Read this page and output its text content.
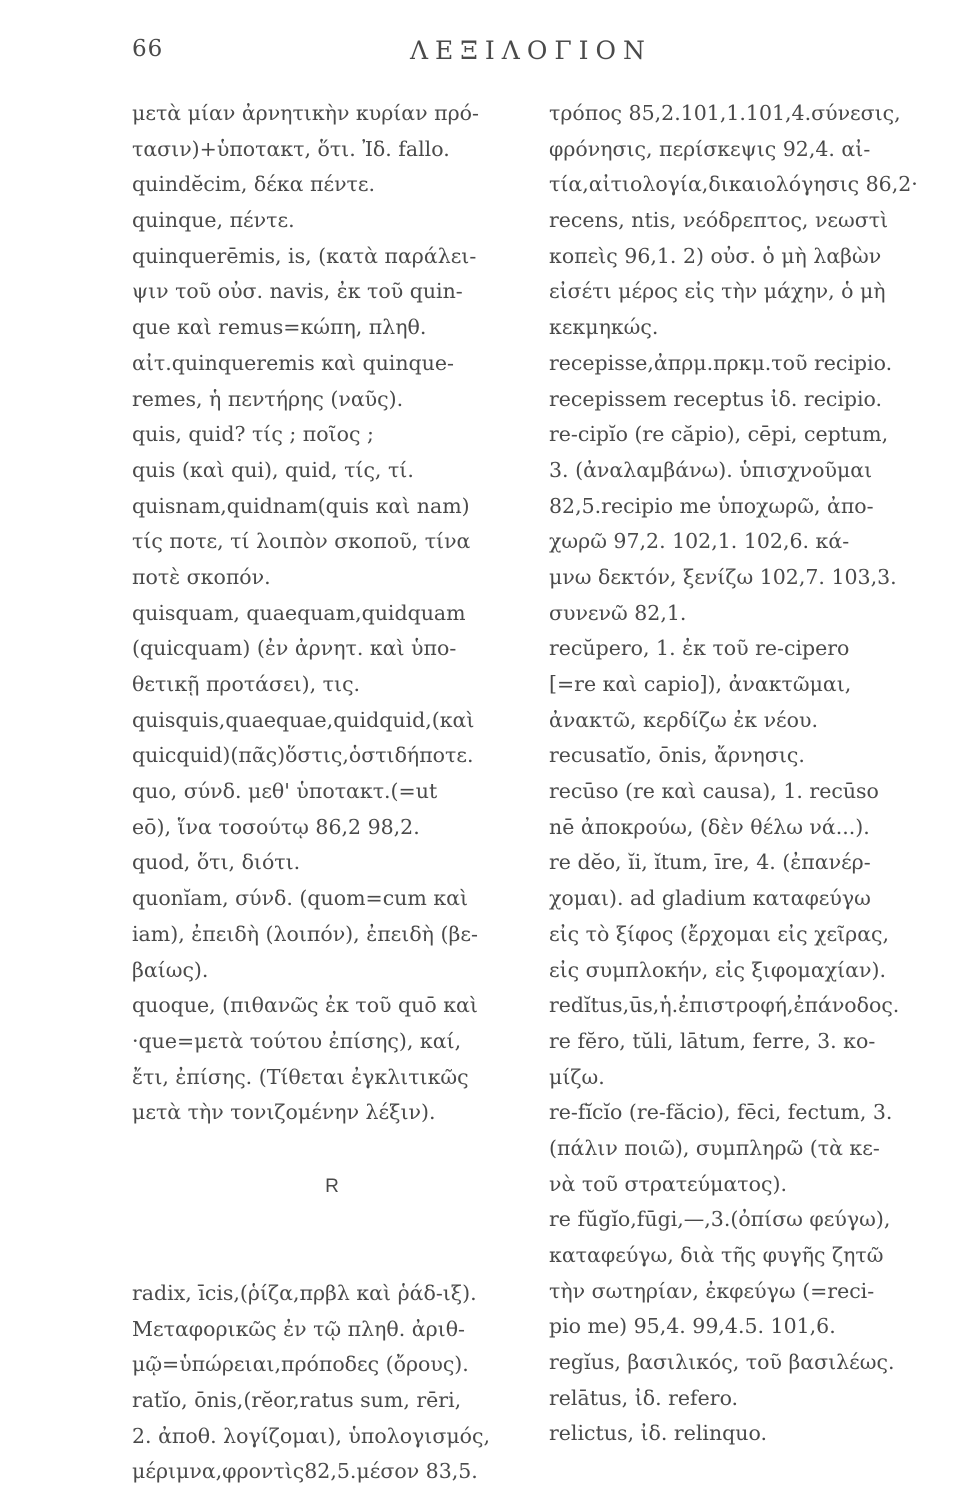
66	ΛΕΞΙΛΟΓΙΟΝ
μετὰ μίαν ἀρνητικὴν κυρίαν πρό-
τασιν)+ὑποτακτ, ὅτι. Ἰδ. fallo.
quindĕcim, δέκα πέντε.
quinque, πέντε.
quinquerēmis, is, (κατὰ παράλει-
ψιν τοῦ οὐσ. navis, ἐκ τοῦ quin-
que καὶ remus=κώπη, πληθ.
αἰτ.quinqueremis καὶ quinque-
remes, ἡ πεντήρης (ναῦς).
quis, quid? τίς ; ποῖος ;
quis (καὶ qui), quid, τίς, τί.
quisnam,quidnam(quis καὶ nam)
τίς ποτε, τί λοιπὸν σκοποῦ, τίνα
ποτὲ σκοπόν.
quisquam, quaequam,quidquam
(quicquam) (ἐν ἀρνητ. καὶ ὑπο-
θετικῇ προτάσει), τις.
quisquis,quaequae,quidquid,(καὶ
quicquid)(πᾶς)ὅστις,ὁστιδήποτε.
quo, σύνδ. μεθ' ὑποτακτ.(=ut
eō), ἵνα τοσούτῳ 86,2 98,2.
quod, ὅτι, διότι.
quonĭam, σύνδ. (quom=cum καὶ
iam), ἐπειδὴ (λοιπόν), ἐπειδὴ (βε-
βαίως).
quoque, (πιθανῶς ἐκ τοῦ quō καὶ
·que=μετὰ τούτου ἐπίσης), καί,
ἔτι, ἐπίσης. (Τίθεται ἐγκλιτικῶς
μετὰ τὴν τονιζομένην λέξιν).
R
radix, īcis,(ῥίζα,πρβλ καὶ ῥάδ-ιξ).
Μεταφορικῶς ἐν τῷ πληθ. ἀριθ-
μῷ=ὑπώρειαι,πρόποδες (ὄρους).
ratĭo, ōnis,(rĕor,ratus sum, rēri,
2. ἀποθ. λογίζομαι), ὑπολογισμός,
μέριμνα,φροντὶς82,5.μέσον 83,5.
τρόπος 85,2.101,1.101,4.σύνεσις,
φρόνησις, περίσκεψις 92,4. αἰ-
τία,αἰτιολογία,δικαιολόγησις 86,2·
recens, ntis, νεόδρεπτος, νεωστὶ
κοπεὶς 96,1. 2) οὐσ. ὁ μὴ λαβὼν
εἰσέτι μέρος εἰς τὴν μάχην, ὁ μὴ
κεκμηκώς.
recepisse,ἀπρμ.πρκμ.τοῦ recipio.
recepissem receptus ἰδ. recipio.
re-cipĭo (re căpio), cēpi, ceptum,
3. (ἀναλαμβάνω). ὑπισχνοῦμαι
82,5.recipio me ὑποχωρῶ, ἀπο-
χωρῶ 97,2. 102,1. 102,6. κά-
μνω δεκτόν, ξενίζω 102,7. 103,3.
συνενῶ 82,1.
recŭpero, 1. ἐκ τοῦ re-cipero
[=re καὶ capio]), ἀνακτῶμαι,
ἀνακτῶ, κερδίζω ἐκ νέου.
recusatĭo, ōnis, ἄρνησις.
recūso (re καὶ causa), 1. recūso
nē ἀποκρούω, (δὲν θέλω νά...).
re dĕo, ĭi, ĭtum, īre, 4. (ἐπανέρ-
χομαι). ad gladium καταφεύγω
εἰς τὸ ξίφος (ἔρχομαι εἰς χεῖρας,
εἰς συμπλοκήν, εἰς ξιφομαχίαν).
redĭtus,ūs,ἡ.ἐπιστροφή,ἐπάνοδος.
re fĕro, tŭli, lātum, ferre, 3. κο-
μίζω.
re-fĭcĭo (re-făcio), fēci, fectum, 3.
(πάλιν ποιῶ), συμπληρῶ (τὰ κε-
νὰ τοῦ στρατεύματος).
re fŭgĭo,fūgi,—,3.(ὀπίσω φεύγω),
καταφεύγω, διὰ τῆς φυγῆς ζητῶ
τὴν σωτηρίαν, ἐκφεύγω (=reci-
pio me) 95,4. 99,4.5. 101,6.
regĭus, βασιλικός, τοῦ βασιλέως.
relātus, ἰδ. refero.
relictus, ἰδ. relinquo.
